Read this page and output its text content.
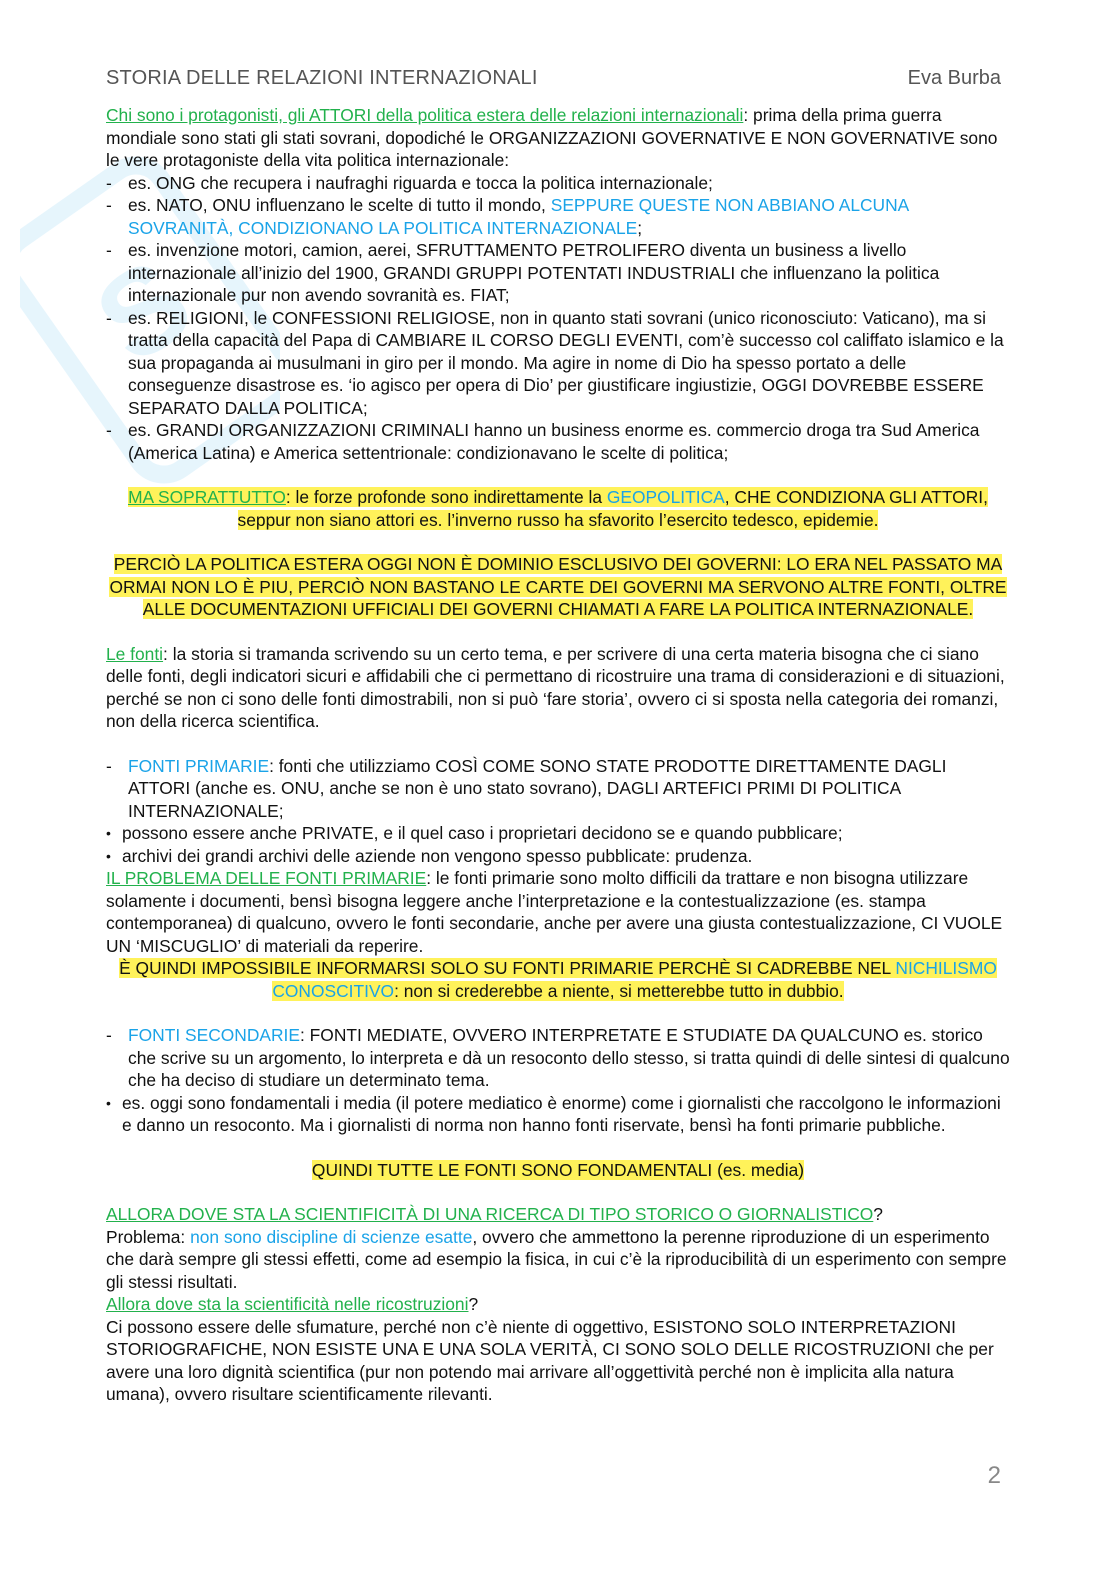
S
STORIA DELLE RELAZIONI INTERNAZIONALI	Eva Burba

Chi sono i protagonisti, gli ATTORI della politica estera delle relazioni internazionali: prima della prima guerra mondiale sono stati gli stati sovrani, dopodiché le ORGANIZZAZIONI GOVERNATIVE E NON GOVERNATIVE sono le vere protagoniste della vita politica internazionale:

- es. ONG che recupera i naufraghi riguarda e tocca la politica internazionale;

- es. NATO, ONU influenzano le scelte di tutto il mondo, SEPPURE QUESTE NON ABBIANO ALCUNA SOVRANITÀ, CONDIZIONANO LA POLITICA INTERNAZIONALE;

- es. invenzione motori, camion, aerei, SFRUTTAMENTO PETROLIFERO diventa un business a livello internazionale all’inizio del 1900, GRANDI GRUPPI POTENTATI INDUSTRIALI che influenzano la politica internazionale pur non avendo sovranità es. FIAT;

- es. RELIGIONI, le CONFESSIONI RELIGIOSE, non in quanto stati sovrani (unico riconosciuto: Vaticano), ma si tratta della capacità del Papa di CAMBIARE IL CORSO DEGLI EVENTI, com’è successo col califfato islamico e la sua propaganda ai musulmani in giro per il mondo. Ma agire in nome di Dio ha spesso portato a delle conseguenze disastrose es. ‘io agisco per opera di Dio’ per giustificare ingiustizie, OGGI DOVREBBE ESSERE SEPARATO DALLA POLITICA;

- es. GRANDI ORGANIZZAZIONI CRIMINALI hanno un business enorme es. commercio droga tra Sud America (America Latina) e America settentrionale: condizionavano le scelte di politica;

MA SOPRATTUTTO: le forze profonde sono indirettamente la GEOPOLITICA, CHE CONDIZIONA GLI ATTORI, seppur non siano attori es. l’inverno russo ha sfavorito l’esercito tedesco, epidemie.

PERCIÒ LA POLITICA ESTERA OGGI NON È DOMINIO ESCLUSIVO DEI GOVERNI: LO ERA NEL PASSATO MA ORMAI NON LO È PIU, PERCIÒ NON BASTANO LE CARTE DEI GOVERNI MA SERVONO ALTRE FONTI, OLTRE ALLE DOCUMENTAZIONI UFFICIALI DEI GOVERNI CHIAMATI A FARE LA POLITICA INTERNAZIONALE.

Le fonti: la storia si tramanda scrivendo su un certo tema, e per scrivere di una certa materia bisogna che ci siano delle fonti, degli indicatori sicuri e affidabili che ci permettano di ricostruire una trama di considerazioni e di situazioni, perché se non ci sono delle fonti dimostrabili, non si può ‘fare storia’, ovvero ci si sposta nella categoria dei romanzi, non della ricerca scientifica.

- FONTI PRIMARIE: fonti che utilizziamo COSÌ COME SONO STATE PRODOTTE DIRETTAMENTE DAGLI ATTORI (anche es. ONU, anche se non è uno stato sovrano), DAGLI ARTEFICI PRIMI DI POLITICA INTERNAZIONALE;

• possono essere anche PRIVATE, e il quel caso i proprietari decidono se e quando pubblicare;

• archivi dei grandi archivi delle aziende non vengono spesso pubblicate: prudenza.

IL PROBLEMA DELLE FONTI PRIMARIE: le fonti primarie sono molto difficili da trattare e non bisogna utilizzare solamente i documenti, bensì bisogna leggere anche l’interpretazione e la contestualizzazione (es. stampa contemporanea) di qualcuno, ovvero le fonti secondarie, anche per avere una giusta contestualizzazione, CI VUOLE UN ‘MISCUGLIO’ di materiali da reperire.

È QUINDI IMPOSSIBILE INFORMARSI SOLO SU FONTI PRIMARIE PERCHÈ SI CADREBBE NEL NICHILISMO CONOSCITIVO: non si crederebbe a niente, si metterebbe tutto in dubbio.

- FONTI SECONDARIE: FONTI MEDIATE, OVVERO INTERPRETATE E STUDIATE DA QUALCUNO es. storico che scrive su un argomento, lo interpreta e dà un resoconto dello stesso, si tratta quindi di delle sintesi di qualcuno che ha deciso di studiare un determinato tema.

• es. oggi sono fondamentali i media (il potere mediatico è enorme) come i giornalisti che raccolgono le informazioni e danno un resoconto. Ma i giornalisti di norma non hanno fonti riservate, bensì ha fonti primarie pubbliche.

QUINDI TUTTE LE FONTI SONO FONDAMENTALI (es. media)

ALLORA DOVE STA LA SCIENTIFICITÀ DI UNA RICERCA DI TIPO STORICO O GIORNALISTICO?

Problema: non sono discipline di scienze esatte, ovvero che ammettono la perenne riproduzione di un esperimento che darà sempre gli stessi effetti, come ad esempio la fisica, in cui c’è la riproducibilità di un esperimento con sempre gli stessi risultati.

Allora dove sta la scientificità nelle ricostruzioni?

Ci possono essere delle sfumature, perché non c’è niente di oggettivo, ESISTONO SOLO INTERPRETAZIONI STORIOGRAFICHE, NON ESISTE UNA E UNA SOLA VERITÀ, CI SONO SOLO DELLE RICOSTRUZIONI che per avere una loro dignità scientifica (pur non potendo mai arrivare all’oggettività perché non è implicita alla natura umana), ovvero risultare scientificamente rilevanti.

2
